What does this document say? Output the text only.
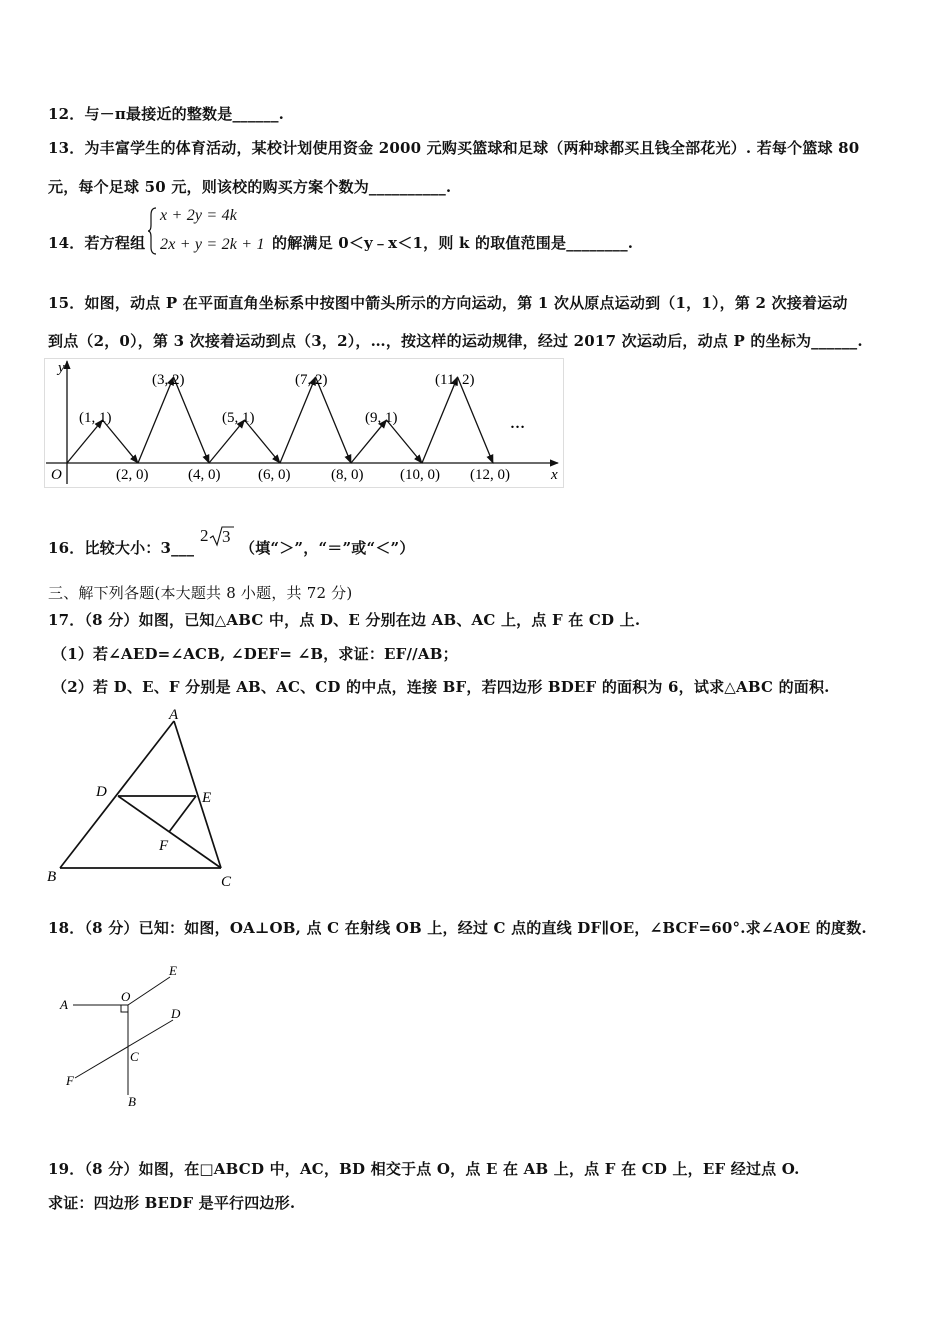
12．与－π最接近的整数是______.
13．为丰富学生的体育活动，某校计划使用资金 2000 元购买篮球和足球（两种球都买且钱全部花光）. 若每个篮球 80
元，每个足球 50 元，则该校的购买方案个数为__________.
14．若方程组
x + 2y = 4k
2x + y = 2k + 1 的解满足 0＜y﹣x＜1，则 k 的取值范围是________.
15．如图，动点 P 在平面直角坐标系中按图中箭头所示的方向运动，第 1 次从原点运动到（1，1），第 2 次接着运动
到点（2，0），第 3 次接着运动到点（3，2），…，按这样的运动规律，经过 2017 次运动后，动点 P 的坐标为______.
y
x
O
(1, 1)
(3, 2)
(5, 1)
(7, 2)
(9, 1)
(11, 2)
…
(2, 0)	(4, 0)	(6, 0)	(8, 0) (10, 0) (12, 0)
16．比较大小：3___
2 3
（填“＞”，“＝”或“＜”）
三、解下列各题(本大题共 8 小题，共 72 分)
17．（8 分）如图，已知△ABC 中，点 D、E 分别在边 AB、AC 上，点 F 在 CD 上.
（1）若∠AED=∠ACB, ∠DEF= ∠B，求证：EF//AB；
（2）若 D、E、F 分别是 AB、AC、CD 的中点，连接 BF，若四边形 BDEF 的面积为 6，试求△ABC 的面积.
A
B	C
D	E
F
18．（8 分）已知：如图，OA⊥OB, 点 C 在射线 OB 上，经过 C 点的直线 DF∥OE，∠BCF=60°.求∠AOE 的度数.
A
O
E
D
C
F
B
19．（8 分）如图，在□ABCD 中，AC，BD 相交于点 O，点 E 在 AB 上，点 F 在 CD 上，EF 经过点 O.
求证：四边形 BEDF 是平行四边形.
